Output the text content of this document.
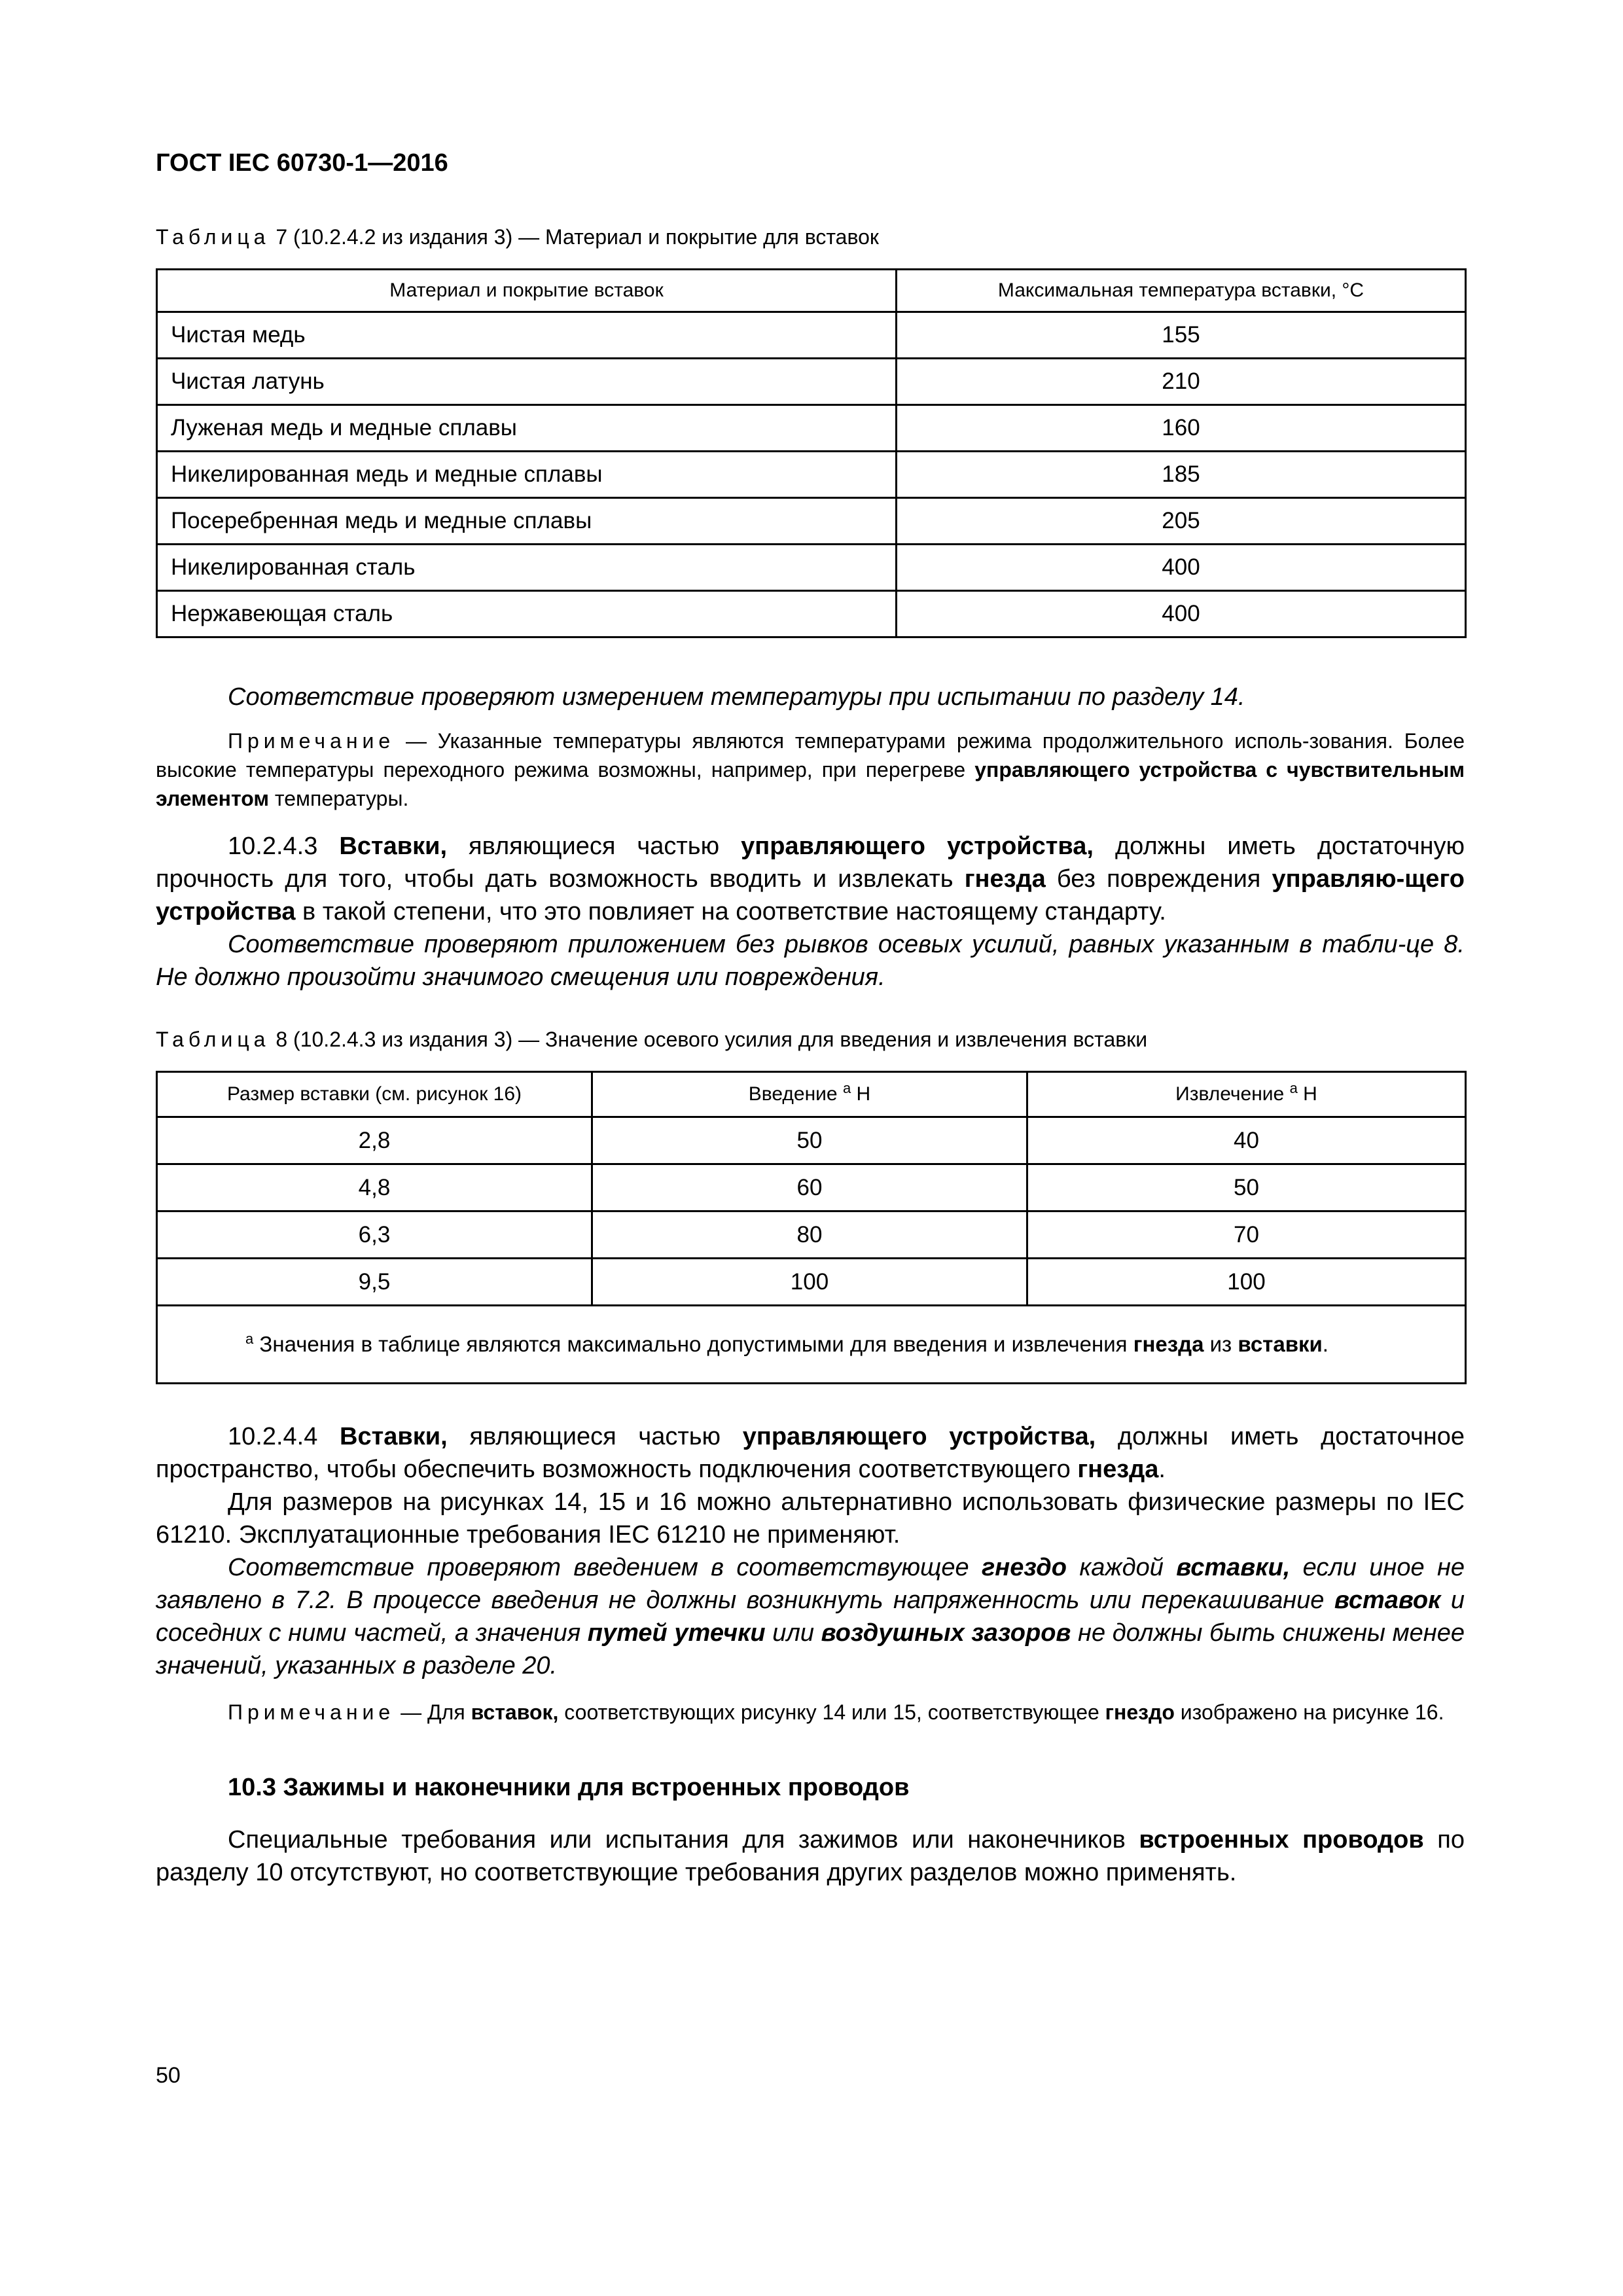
ГОСТ IEC 60730-1—2016
Таблица 7 (10.2.4.2 из издания 3) — Материал и покрытие для вставок
Материал и покрытие вставок	Максимальная температура вставки, °С
Чистая медь	155
Чистая латунь	210
Луженая медь и медные сплавы	160
Никелированная медь и медные сплавы	185
Посеребренная медь и медные сплавы	205
Никелированная сталь	400
Нержавеющая сталь	400
Соответствие проверяют измерением температуры при испытании по разделу 14.
Примечание — Указанные температуры являются температурами режима продолжительного исполь-зования. Более высокие температуры переходного режима возможны, например, при перегреве управляющего устройства с чувствительным элементом температуры.
10.2.4.3 Вставки, являющиеся частью управляющего устройства, должны иметь достаточную прочность для того, чтобы дать возможность вводить и извлекать гнезда без повреждения управляю-щего устройства в такой степени, что это повлияет на соответствие настоящему стандарту.
Соответствие проверяют приложением без рывков осевых усилий, равных указанным в табли-це 8. Не должно произойти значимого смещения или повреждения.
Таблица 8 (10.2.4.3 из издания 3) — Значение осевого усилия для введения и извлечения вставки
Размер вставки (см. рисунок 16)	Введение $^a$ Н	Извлечение $^a$ Н
2,8	50	40
4,8	60	50
6,3	80	70
9,5	100	100
$^a$ Значения в таблице являются максимально допустимыми для введения и извлечения гнезда из вставки.		
10.2.4.4 Вставки, являющиеся частью управляющего устройства, должны иметь достаточное пространство, чтобы обеспечить возможность подключения соответствующего гнезда.
Для размеров на рисунках 14, 15 и 16 можно альтернативно использовать физические размеры по IEC 61210. Эксплуатационные требования IEC 61210 не применяют.
Соответствие проверяют введением в соответствующее гнездо каждой вставки, если иное не заявлено в 7.2. В процессе введения не должны возникнуть напряженность или перекашивание вставок и соседних с ними частей, а значения путей утечки или воздушных зазоров не должны быть снижены менее значений, указанных в разделе 20.
Примечание — Для вставок, соответствующих рисунку 14 или 15, соответствующее гнездо изображено на рисунке 16.
10.3 Зажимы и наконечники для встроенных проводов
Специальные требования или испытания для зажимов или наконечников встроенных проводов по разделу 10 отсутствуют, но соответствующие требования других разделов можно применять.
50
